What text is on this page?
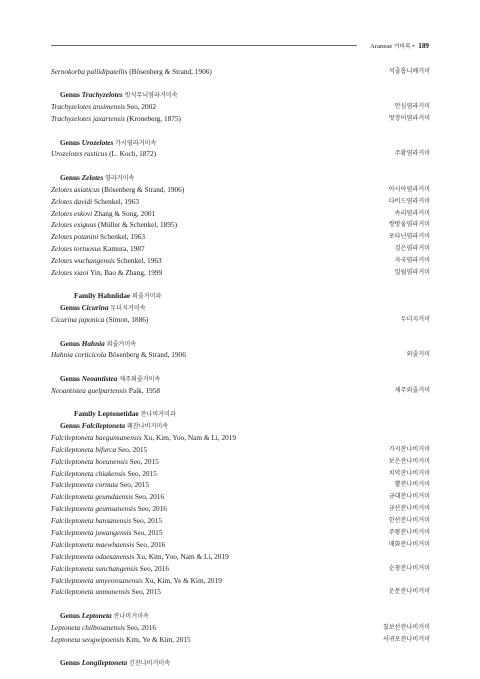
Araneae 거미목 • 189
Sernokorba pallidipatellis (Bösenberg & Strand, 1906)	석줄톱니배거미
Genus Trachyzelotes 빗석무늬염라거미속
Trachyzelotes ansimensis Seo, 2002	안심염라거미
Trachyzelotes jaxartensis (Kroneberg, 1875)	멋장이염라거미
Genus Urozelotes 가시염라거미속
Urozelotes rusticus (L. Koch, 1872)	주황염라거미
Genus Zelotes 염라거미속
Zelotes asiaticus (Bösenberg & Strand, 1906)	아시아염라거미
Zelotes davidi Schenkel, 1963	다비드염라거미
Zelotes eskovi Zhang & Song, 2001	속리염라거미
Zelotes exiguus (Müller & Schenkel, 1895)	쌍방울염라거미
Zelotes potanini Schenkel, 1963	포타닌염라거미
Zelotes tortuosus Kamura, 1987	검은염라거미
Zelotes wuchangensis Schenkel, 1963	자국염라거미
Zelotes xiaoi Yin, Bao & Zhang, 1999	일월염라거미
Family Hahniidae 외줄거미과
Genus Cicurina 두더지거미속
Cicurina japonica (Simon, 1886)	두더지거미
Genus Hahnia 외줄거미속
Hahnia corticicola Bösenberg & Strand, 1906	외줄거미
Genus Neoantistea 제주외줄거미속
Neoantistea quelpartensis Paik, 1958	제주외줄거미
Family Leptonetidae 잔나비거미과
Genus Falcileptoneta 쾌잔나비거미속
Falcileptoneta baegunsanensis Xu, Kim, Yoo, Nam & Li, 2019
Falcileptoneta bifurca Seo, 2015	가지잔나비거미
Falcileptoneta boeunensis Seo, 2015	보은잔나비거미
Falcileptoneta chiakensis Seo, 2015	치악잔나비거미
Falcileptoneta cornuta Seo, 2015	뿔잔나비거미
Falcileptoneta geumdaensis Seo, 2016	금대잔나비거미
Falcileptoneta geumsanensis Seo, 2016	금산잔나비거미
Falcileptoneta hansanensis Seo, 2015	한산잔나비거미
Falcileptoneta juwangensis Seo, 2015	주왕잔나비거미
Falcileptoneta maewhaensis Seo, 2016	매화잔나비거미
Falcileptoneta odaesanensis Xu, Kim, Yoo, Nam & Li, 2019
Falcileptoneta sunchangensis Seo, 2016	순창잔나비거미
Falcileptoneta umyeonsanensis Xu, Kim, Ye & Kim, 2019
Falcileptoneta unmunensis Seo, 2015	운문잔나비거미
Genus Leptoneta 잔나비거미속
Leptoneta chilbosanensis Seo, 2016	칠보산잔나비거미
Leptoneta seogwipoensis Kim, Ye & Kim, 2015	서귀포잔나비거미
Genus Longileptoneta 긴잔나비거미속
